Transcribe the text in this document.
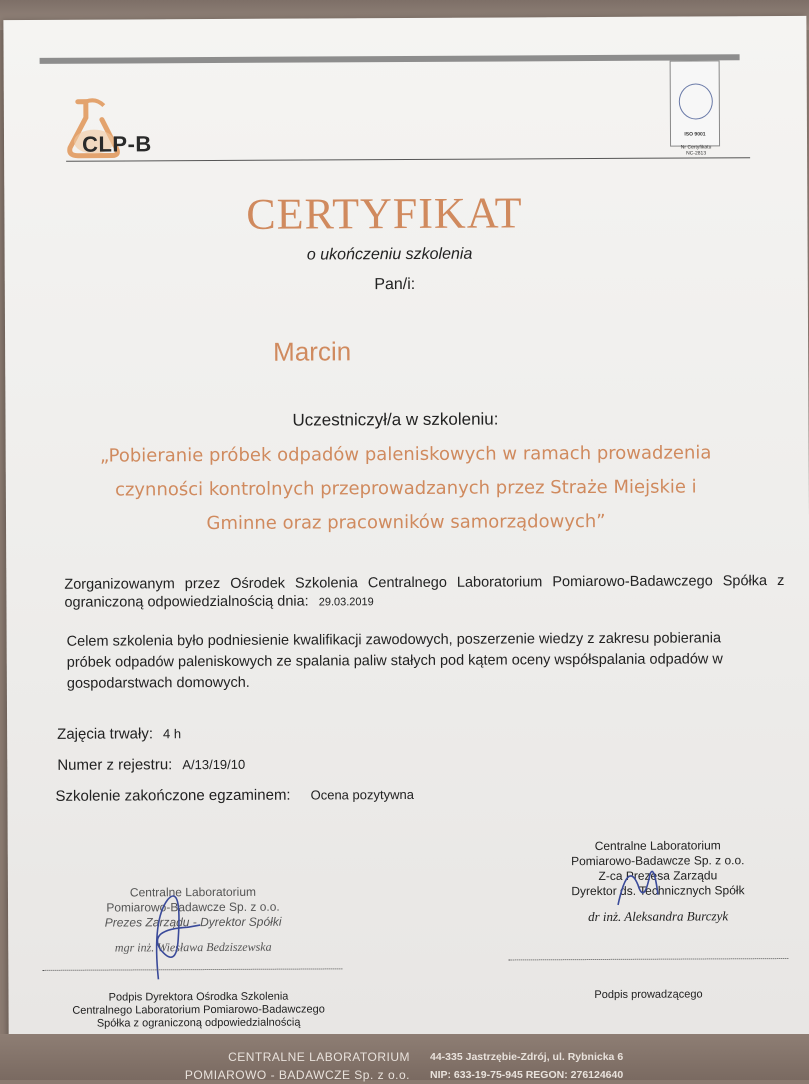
CLP-B
	ISO 9001
Nr Certyfikatu
NC-2813
CERTYFIKAT
o ukończeniu szkolenia
Pan/i:
Marcin
Uczestniczył/a w szkoleniu:
„Pobieranie próbek odpadów paleniskowych w ramach prowadzenia czynności kontrolnych przeprowadzanych przez Straże Miejskie i Gminne oraz pracowników samorządowych”
Zorganizowanym przez Ośrodek Szkolenia Centralnego Laboratorium Pomiarowo-Badawczego Spółka z ograniczoną odpowiedzialnością dnia: 29.03.2019
Celem szkolenia było podniesienie kwalifikacji zawodowych, poszerzenie wiedzy z zakresu pobierania próbek odpadów paleniskowych ze spalania paliw stałych pod kątem oceny współspalania odpadów w gospodarstwach domowych.
Zajęcia trwały: 4 h
Numer z rejestru: A/13/19/10
Szkolenie zakończone egzaminem: Ocena pozytywna
Centralne Laboratorium
Pomiarowo-Badawcze Sp. z o.o.
Z-ca Prezesa Zarządu
Dyrektor ds. Technicznych Spółk
dr inż. Aleksandra Burczyk
Centralne Laboratorium
Pomiarowo-Badawcze Sp. z o.o.
Prezes Zarządu - Dyrektor Spółki
mgr inż. Wiesława Bedziszewska
Podpis Dyrektora Ośrodka Szkolenia
Centralnego Laboratorium Pomiarowo-Badawczego
Spółka z ograniczoną odpowiedzialnością
Podpis prowadzącego
CENTRALNE LABORATORIUM
POMIAROWO - BADAWCZE Sp. z o.o.
44-335 Jastrzębie-Zdrój, ul. Rybnicka 6
NIP: 633-19-75-945 REGON: 276124640
